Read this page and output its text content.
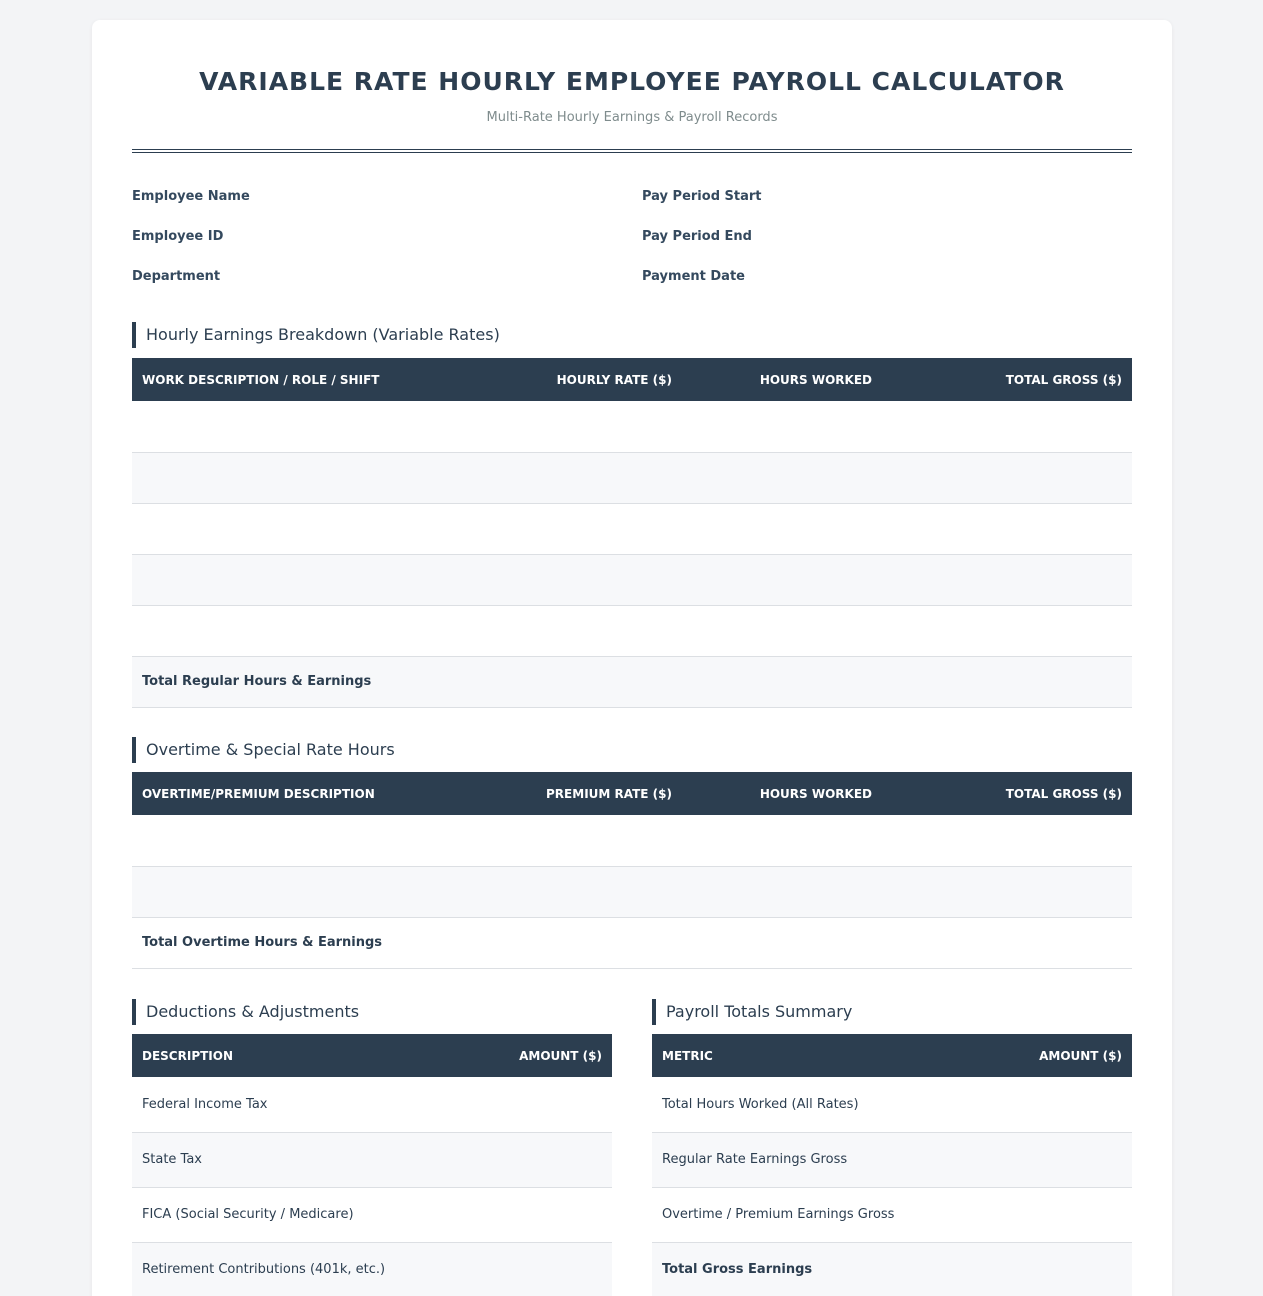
VARIABLE RATE HOURLY EMPLOYEE PAYROLL CALCULATOR
Multi-Rate Hourly Earnings & Payroll Records
Employee Name
Employee ID
Department
Pay Period Start
Pay Period End
Payment Date
Hourly Earnings Breakdown (Variable Rates)
WORK DESCRIPTION / ROLE / SHIFT	HOURLY RATE ($)	HOURS WORKED	TOTAL GROSS ($)

Total Regular Hours & Earnings			
Overtime & Special Rate Hours
OVERTIME/PREMIUM DESCRIPTION	PREMIUM RATE ($)	HOURS WORKED	TOTAL GROSS ($)

Total Overtime Hours & Earnings			
Deductions & Adjustments
DESCRIPTION	AMOUNT ($)
Federal Income Tax	
State Tax	
FICA (Social Security / Medicare)	
Retirement Contributions (401k, etc.)	
Payroll Totals Summary
METRIC	AMOUNT ($)
Total Hours Worked (All Rates)	
Regular Rate Earnings Gross	
Overtime / Premium Earnings Gross	
Total Gross Earnings	
